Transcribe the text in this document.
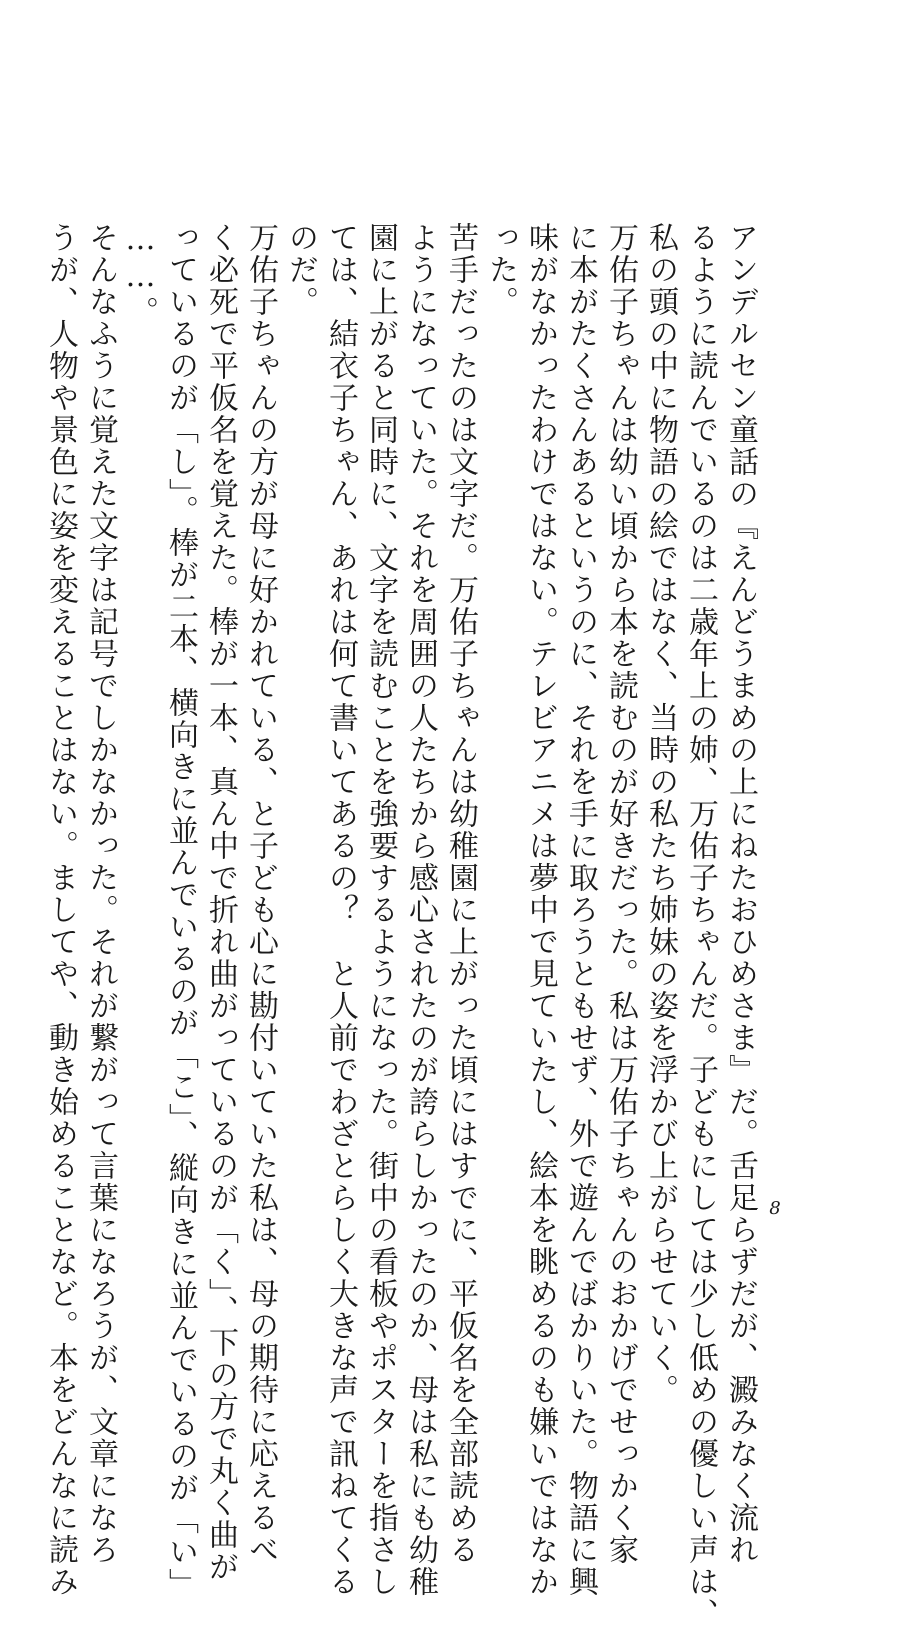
アンデルセン童話の『えんどうまめの上にねたおひめさま』だ。舌足らずだが、澱みなく流れ
るように読んでいるのは二歳年上の姉、万佑子ちゃんだ。子どもにしては少し低めの優しい声は、
私の頭の中に物語の絵ではなく、当時の私たち姉妹の姿を浮かび上がらせていく。
万佑子ちゃんは幼い頃から本を読むのが好きだった。私は万佑子ちゃんのおかげでせっかく家
に本がたくさんあるというのに、それを手に取ろうともせず、外で遊んでばかりいた。物語に興
味がなかったわけではない。テレビアニメは夢中で見ていたし、絵本を眺めるのも嫌いではなか
った。
苦手だったのは文字だ。万佑子ちゃんは幼稚園に上がった頃にはすでに、平仮名を全部読める
ようになっていた。それを周囲の人たちから感心されたのが誇らしかったのか、母は私にも幼稚
園に上がると同時に、文字を読むことを強要するようになった。街中の看板やポスターを指さし
ては、結衣子ちゃん、あれは何て書いてあるの？　と人前でわざとらしく大きな声で訊ねてくる
のだ。
万佑子ちゃんの方が母に好かれている、と子ども心に勘付いていた私は、母の期待に応えるべ
く必死で平仮名を覚えた。棒が一本、真ん中で折れ曲がっているのが「く」、下の方で丸く曲が
っているのが「し」。棒が二本、横向きに並んでいるのが「こ」、縦向きに並んでいるのが「い」
……。
そんなふうに覚えた文字は記号でしかなかった。それが繋がって言葉になろうが、文章になろ
うが、人物や景色に姿を変えることはない。ましてや、動き始めることなど。本をどんなに読み	8
